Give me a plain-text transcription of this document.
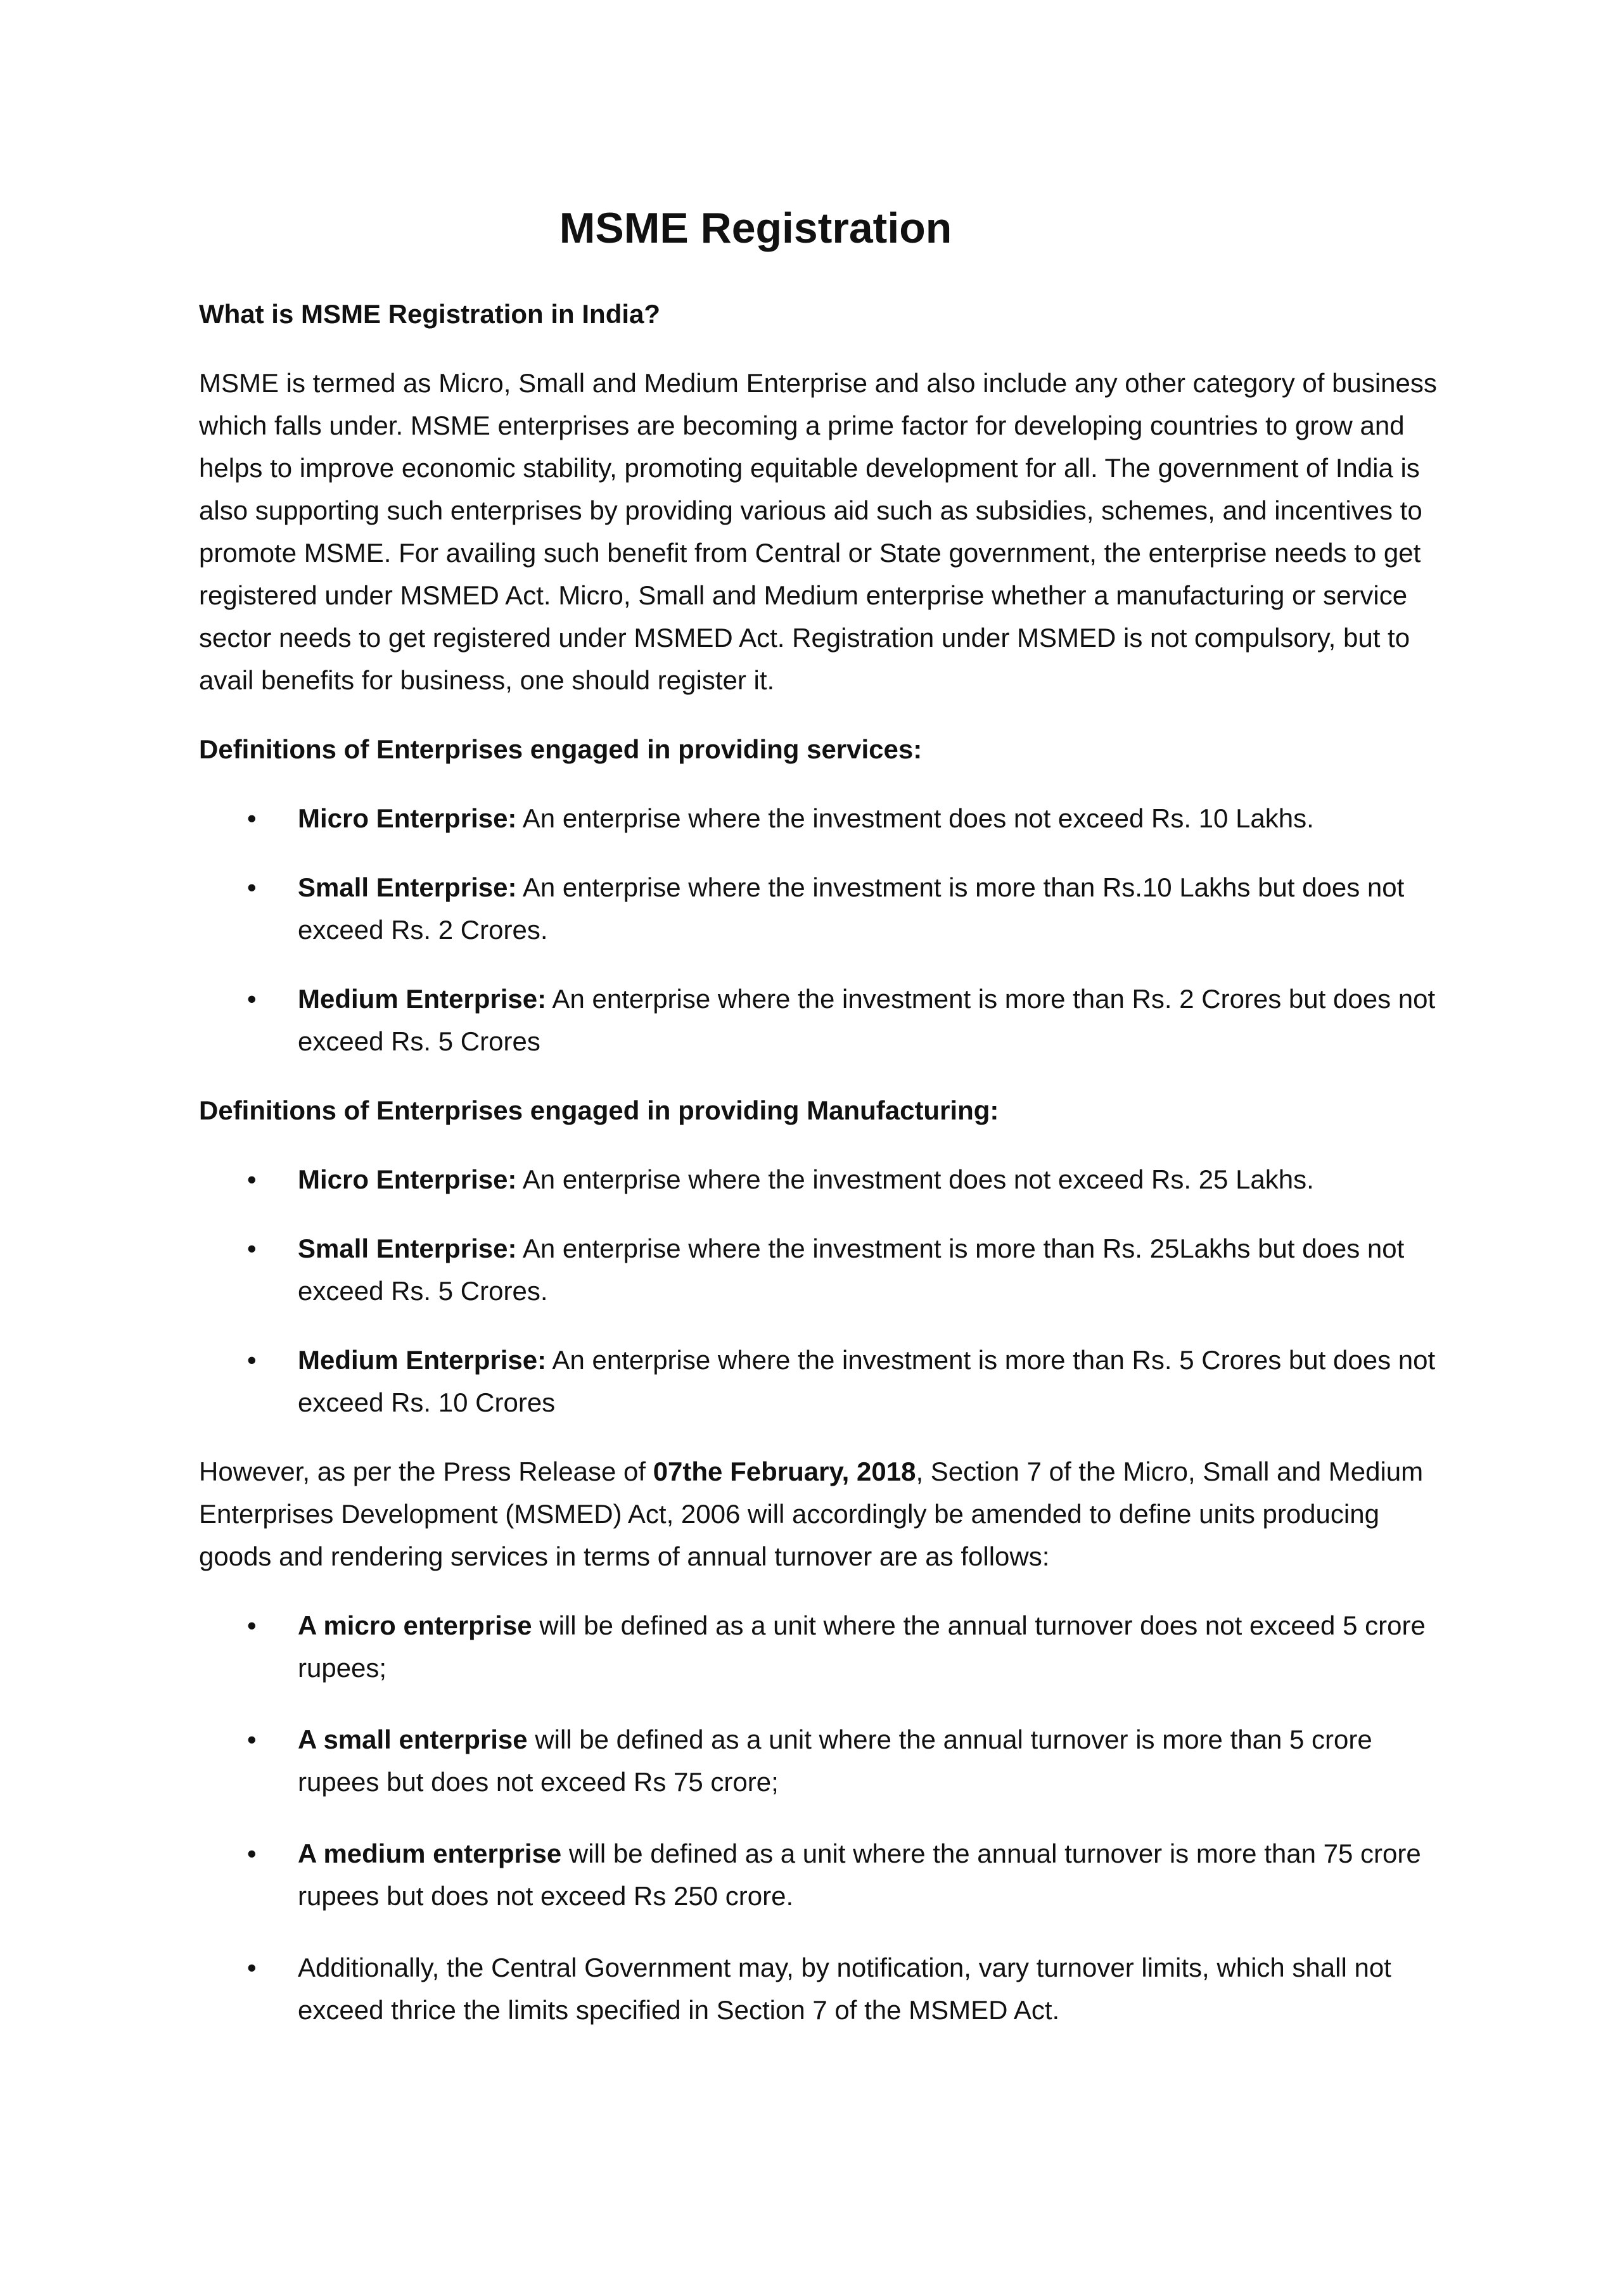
MSME Registration

What is MSME Registration in India?

MSME is termed as Micro, Small and Medium Enterprise and also include any other category of business which falls under. MSME enterprises are becoming a prime factor for developing countries to grow and helps to improve economic stability, promoting equitable development for all. The government of India is also supporting such enterprises by providing various aid such as subsidies, schemes, and incentives to promote MSME. For availing such benefit from Central or State government, the enterprise needs to get registered under MSMED Act. Micro, Small and Medium enterprise whether a manufacturing or service sector needs to get registered under MSMED Act. Registration under MSMED is not compulsory, but to avail benefits for business, one should register it.

Definitions of Enterprises engaged in providing services:

• Micro Enterprise: An enterprise where the investment does not exceed Rs. 10 Lakhs.
• Small Enterprise: An enterprise where the investment is more than Rs.10 Lakhs but does not exceed Rs. 2 Crores.
• Medium Enterprise: An enterprise where the investment is more than Rs. 2 Crores but does not exceed Rs. 5 Crores

Definitions of Enterprises engaged in providing Manufacturing:

• Micro Enterprise: An enterprise where the investment does not exceed Rs. 25 Lakhs.
• Small Enterprise: An enterprise where the investment is more than Rs. 25Lakhs but does not exceed Rs. 5 Crores.
• Medium Enterprise: An enterprise where the investment is more than Rs. 5 Crores but does not exceed Rs. 10 Crores

However, as per the Press Release of 07the February, 2018, Section 7 of the Micro, Small and Medium Enterprises Development (MSMED) Act, 2006 will accordingly be amended to define units producing goods and rendering services in terms of annual turnover are as follows:

• A micro enterprise will be defined as a unit where the annual turnover does not exceed 5 crore rupees;
• A small enterprise will be defined as a unit where the annual turnover is more than 5 crore rupees but does not exceed Rs 75 crore;
• A medium enterprise will be defined as a unit where the annual turnover is more than 75 crore rupees but does not exceed Rs 250 crore.
• Additionally, the Central Government may, by notification, vary turnover limits, which shall not exceed thrice the limits specified in Section 7 of the MSMED Act.
